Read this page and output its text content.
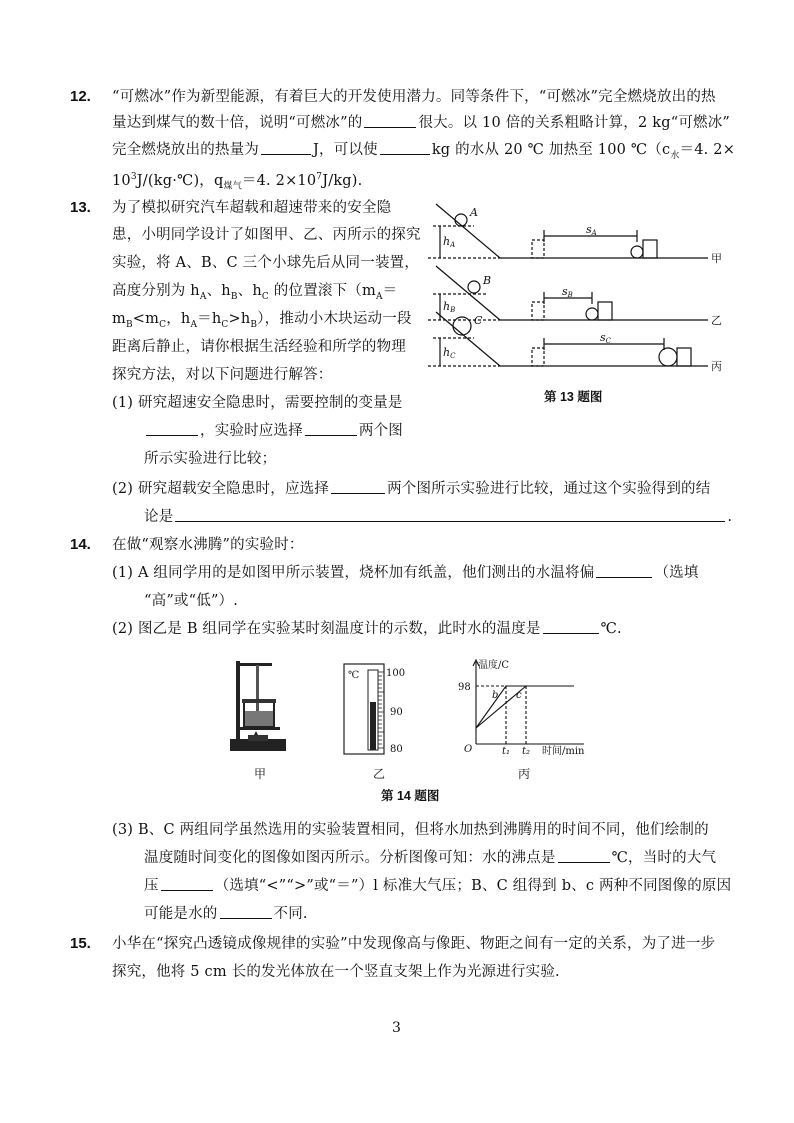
12. “可燃冰”作为新型能源，有着巨大的开发使用潜力。同等条件下，“可燃冰”完全燃烧放出的热
量达到煤气的数十倍，说明“可燃冰”的	很大。以 10 倍的关系粗略计算，2 kg“可燃冰”
完全燃烧放出的热量为	J，可以使	kg 的水从 20 ℃ 加热至 100 $℃(c_水=4$. 2×
$10^3J/(kg\cdot℃)$，$q_{煤气}=4$. $2\times 10^7J/kg$).
13. 为了模拟研究汽车超载和超速带来的安全隐
患，小明同学设计了如图甲、乙、丙所示的探究
实验，将 A、B、C 三个小球先后从同一装置，
高度分别为 $h_A$、$h_B$、$h_C$ 的位置滚下（$m_A=$
$m_B<m_C$，$h_A=h_C>h_B$），推动小木块运动一段
距离后静止，请你根据生活经验和所学的物理
探究方法，对以下问题进行解答：
(1) 研究超速安全隐患时，需要控制的变量是
，实验时应选择	两个图
所示实验进行比较；
(2) 研究超载安全隐患时，应选择	两个图所示实验进行比较，通过这个实验得到的结
论是	.
A
B
C
hA
hB
hC
sA
sB
sC
甲
乙
丙
第 13 题图
14. 在做“观察水沸腾”的实验时：
(1) A 组同学用的是如图甲所示装置，烧杯加有纸盖，他们测出的水温将偏	（选填
“高”或“低”）.
(2) 图乙是 B 组同学在实验某时刻温度计的示数，此时水的温度是	℃.
℃	100
90
80
温度/C
98
O	t₁ t₂ 时间/min
b c
甲	乙	丙
第 14 题图
(3) B、C 两组同学虽然选用的实验装置相同，但将水加热到沸腾用的时间不同，他们绘制的
温度随时间变化的图像如图丙所示。分析图像可知：水的沸点是	℃，当时的大气
压	（选填“<”“>”或“＝”）l 标准大气压；B、C 组得到 b、c 两种不同图像的原因
可能是水的	不同.
15. 小华在“探究凸透镜成像规律的实验”中发现像高与像距、物距之间有一定的关系，为了进一步
探究，他将 5 cm 长的发光体放在一个竖直支架上作为光源进行实验.
3
